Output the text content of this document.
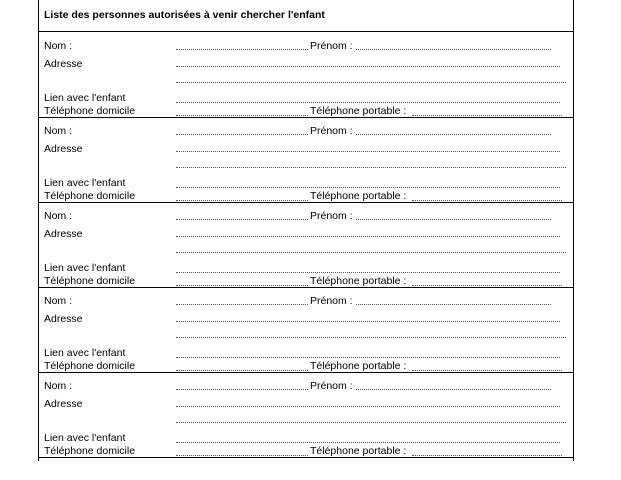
Liste des personnes autorisées à venir chercher l'enfant
Nom :	Prénom :
Adresse
Lien avec l'enfant
Téléphone domicile	Téléphone portable :
Nom :	Prénom :
Adresse
Lien avec l'enfant
Téléphone domicile	Téléphone portable :
Nom :	Prénom :
Adresse
Lien avec l'enfant
Téléphone domicile	Téléphone portable :
Nom :	Prénom :
Adresse
Lien avec l'enfant
Téléphone domicile	Téléphone portable :
Nom :	Prénom :
Adresse
Lien avec l'enfant
Téléphone domicile	Téléphone portable :
